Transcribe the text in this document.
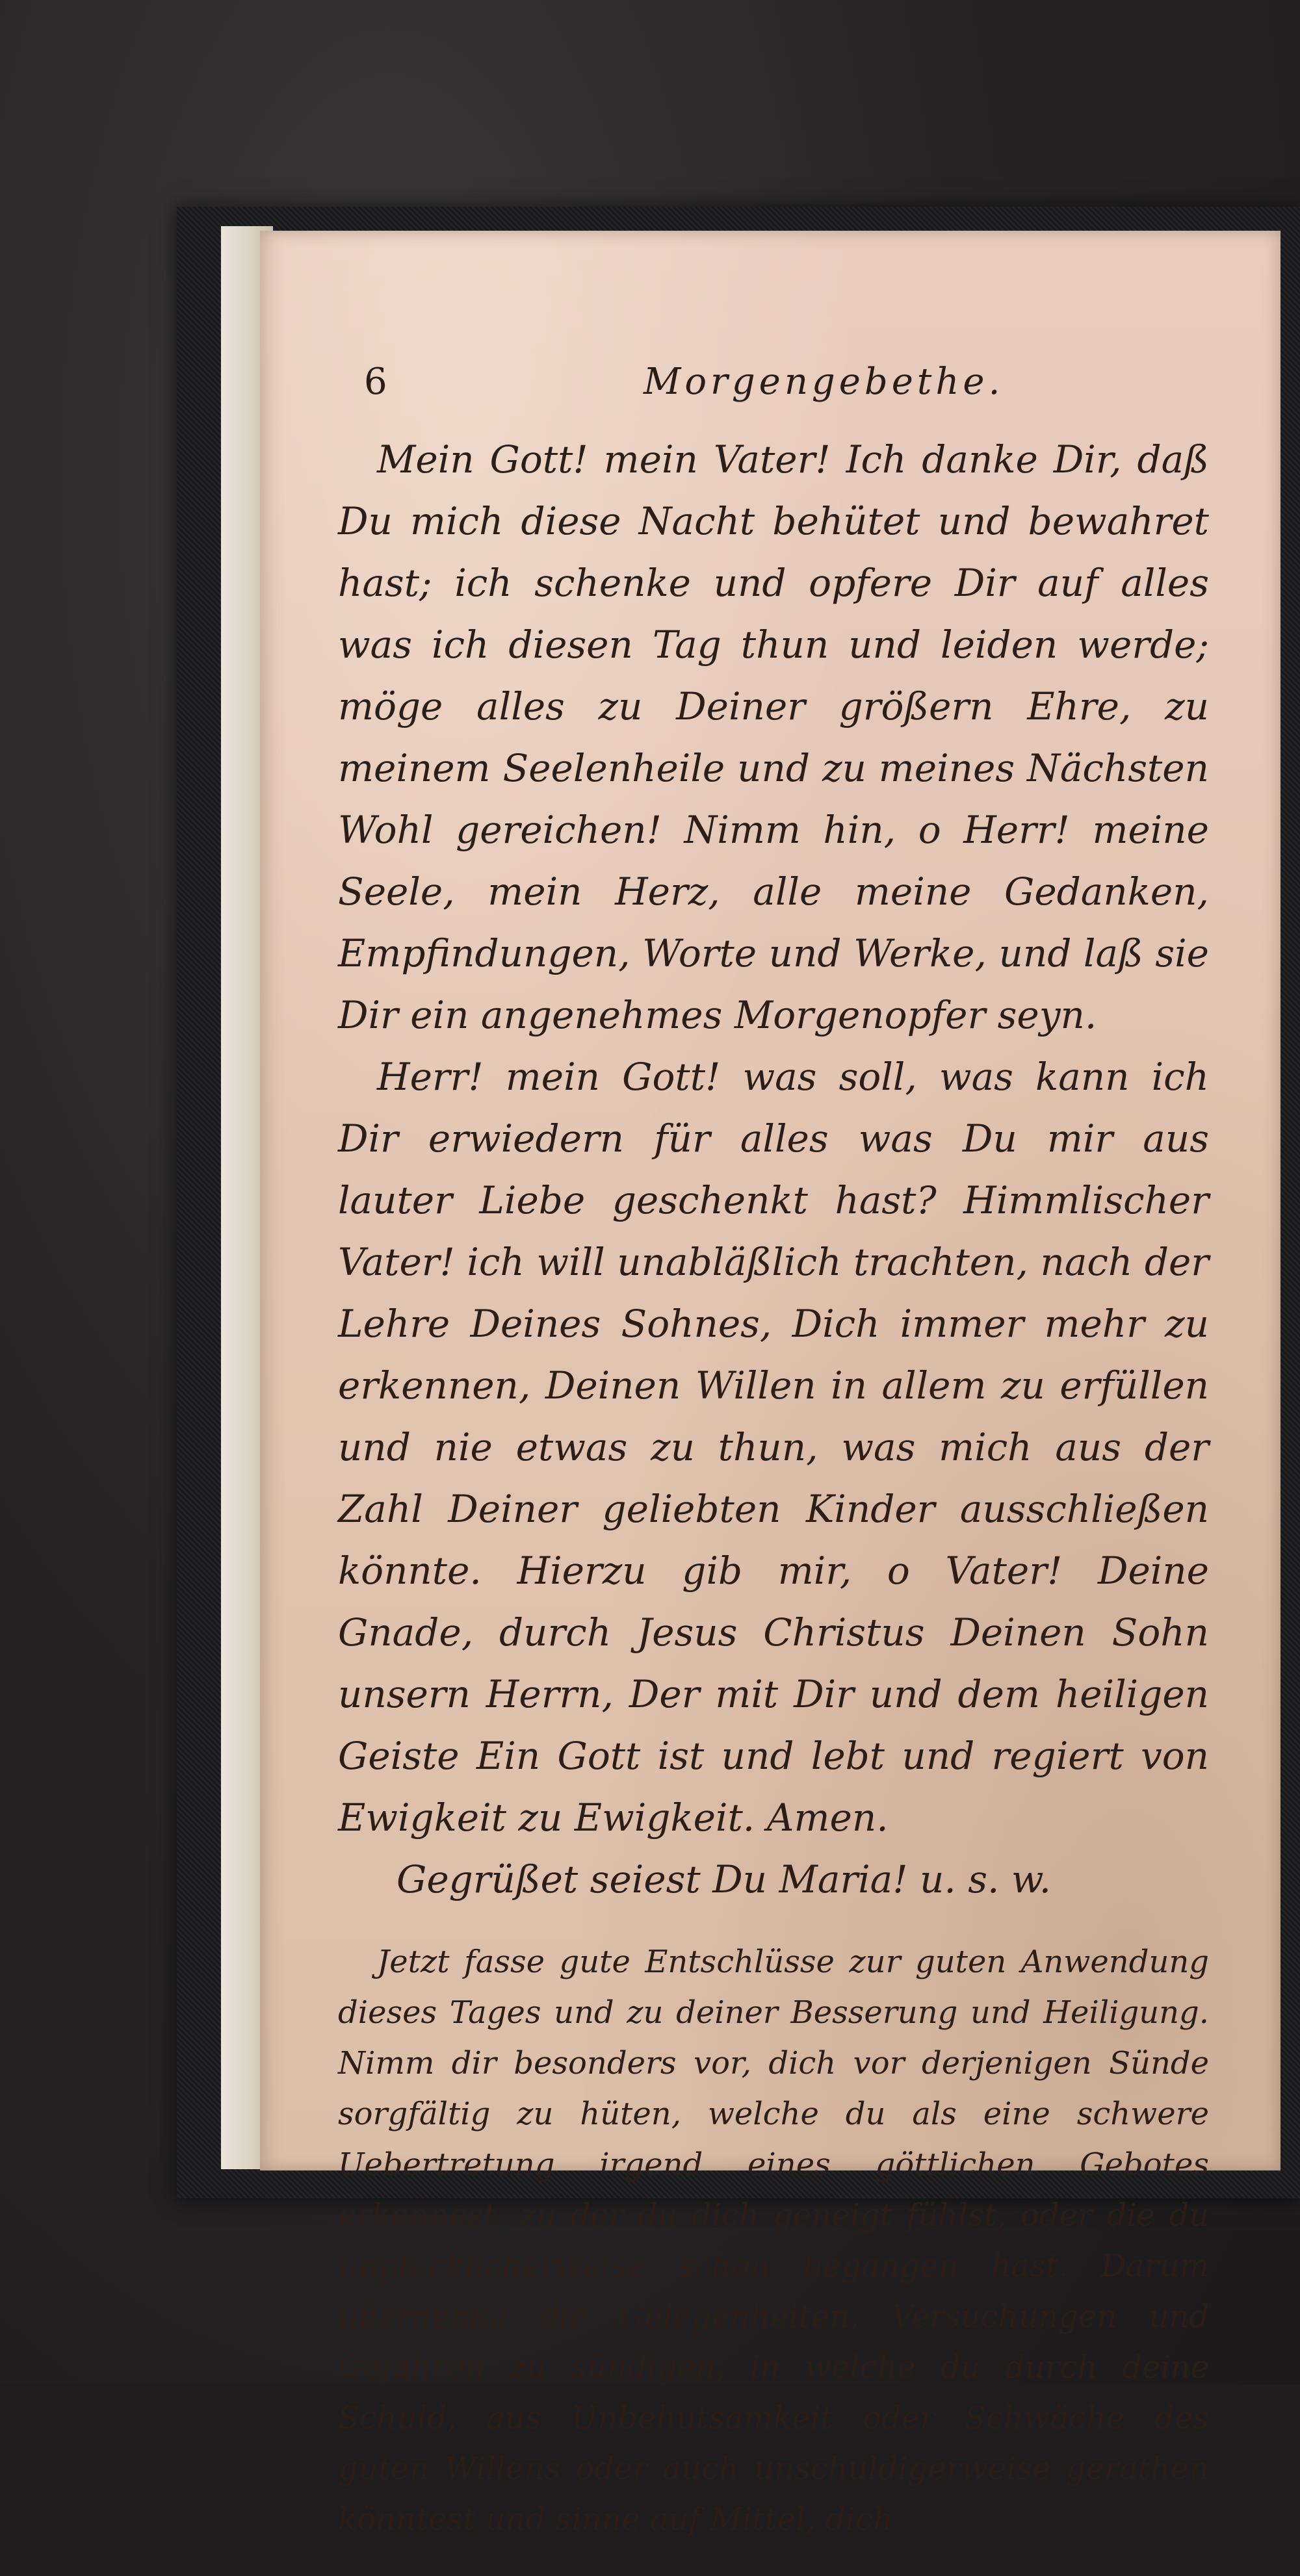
6	Morgengebethe.

Mein Gott! mein Vater! Ich danke Dir, daß Du mich diese Nacht behütet und bewahret hast; ich schenke und opfere Dir auf alles was ich diesen Tag thun und leiden werde; möge alles zu Deiner größern Ehre, zu meinem Seelenheile und zu meines Nächsten Wohl gereichen! Nimm hin, o Herr! meine Seele, mein Herz, alle meine Gedanken, Empfindungen, Worte und Werke, und laß sie Dir ein angenehmes Morgenopfer seyn.

Herr! mein Gott! was soll, was kann ich Dir erwiedern für alles was Du mir aus lauter Liebe geschenkt hast? Himmlischer Vater! ich will unabläßlich trachten, nach der Lehre Deines Sohnes, Dich immer mehr zu erkennen, Deinen Willen in allem zu erfüllen und nie etwas zu thun, was mich aus der Zahl Deiner geliebten Kinder ausschließen könnte. Hierzu gib mir, o Vater! Deine Gnade, durch Jesus Christus Deinen Sohn unsern Herrn, Der mit Dir und dem heiligen Geiste Ein Gott ist und lebt und regiert von Ewigkeit zu Ewigkeit. Amen.

Gegrüßet seiest Du Maria! u. s. w.

Jetzt fasse gute Entschlüsse zur guten Anwendung dieses Tages und zu deiner Besserung und Heiligung. Nimm dir besonders vor, dich vor derjenigen Sünde sorgfältig zu hüten, welche du als eine schwere Uebertretung irgend eines göttlichen Gebotes erkennest, zu der du dich geneigt fühlst, oder die du unglücklicherweise schon begangen hast. Darum überdenke die Gelegenheiten, Versuchungen und Gefahren zu sündigen, in welche du durch deine Schuld, aus Unbehutsamkeit oder Schwäche des guten Willens oder auch unschuldigerweise gerathen könntest und sinne auf Mittel, dich
